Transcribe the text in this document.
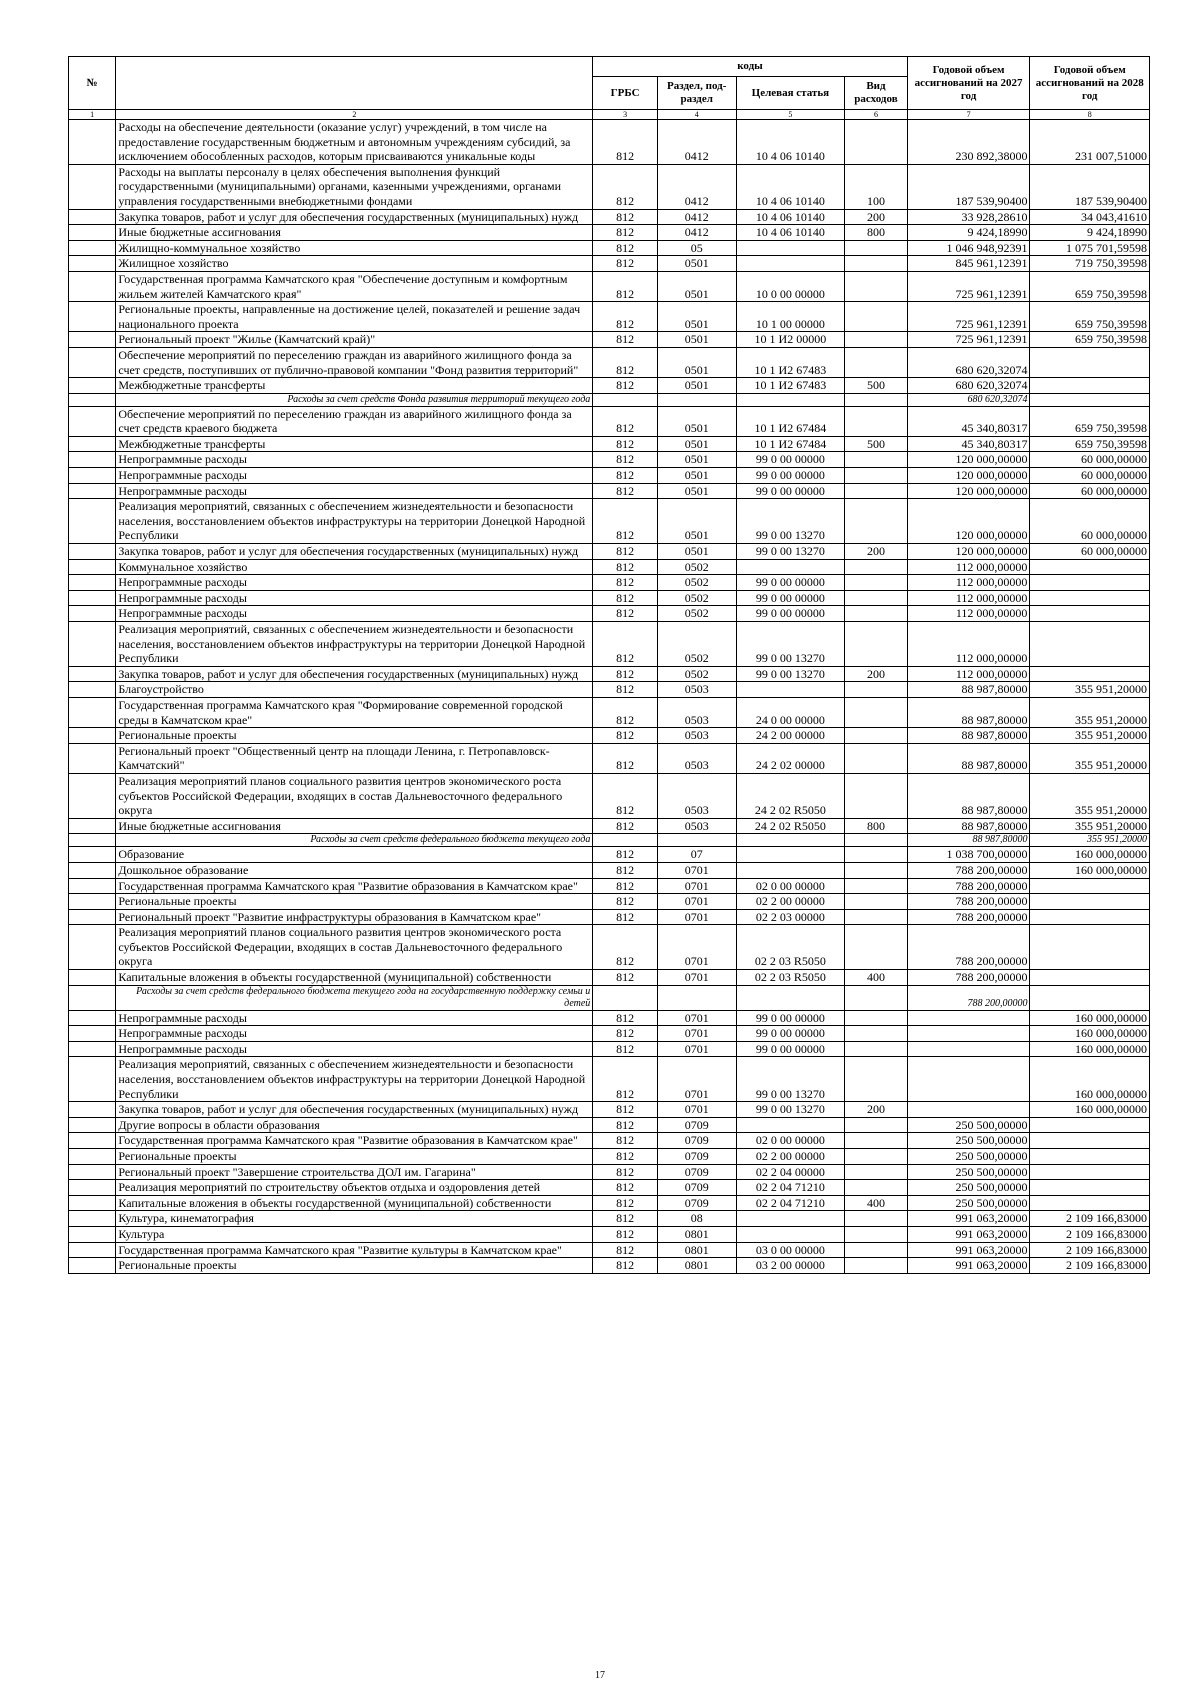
№		коды				Годовой объем ассигнований на 2027 год	Годовой объем ассигнований на 2028 год
		ГРБС	Раздел, под-раздел	Целевая статья	Вид расходов		
1	2	3	4	5	6	7	8
	Расходы на обеспечение деятельности (оказание услуг) учреждений, в том числе на предоставление государственным бюджетным и автономным учреждениям субсидий, за исключением обособленных расходов, которым присваиваются уникальные коды	812	0412	10 4 06 10140		230 892,38000	231 007,51000
	Расходы на выплаты персоналу в целях обеспечения выполнения функций государственными (муниципальными) органами, казенными учреждениями, органами управления государственными внебюджетными фондами	812	0412	10 4 06 10140	100	187 539,90400	187 539,90400
	Закупка товаров, работ и услуг для обеспечения государственных (муниципальных) нужд	812	0412	10 4 06 10140	200	33 928,28610	34 043,41610
	Иные бюджетные ассигнования	812	0412	10 4 06 10140	800	9 424,18990	9 424,18990
	Жилищно-коммунальное хозяйство	812	05			1 046 948,92391	1 075 701,59598
	Жилищное хозяйство	812	0501			845 961,12391	719 750,39598
	Государственная программа Камчатского края "Обеспечение доступным и комфортным жильем жителей Камчатского края"	812	0501	10 0 00 00000		725 961,12391	659 750,39598
	Региональные проекты, направленные на достижение целей, показателей и решение задач национального проекта	812	0501	10 1 00 00000		725 961,12391	659 750,39598
	Региональный проект "Жилье (Камчатский край)"	812	0501	10 1 И2 00000		725 961,12391	659 750,39598
	Обеспечение мероприятий по переселению граждан из аварийного жилищного фонда за счет средств, поступивших от публично-правовой компании "Фонд развития территорий"	812	0501	10 1 И2 67483		680 620,32074	
	Межбюджетные трансферты	812	0501	10 1 И2 67483	500	680 620,32074	
	Расходы за счет средств Фонда развития территорий текущего года					680 620,32074	
	Обеспечение мероприятий по переселению граждан из аварийного жилищного фонда за счет средств краевого бюджета	812	0501	10 1 И2 67484		45 340,80317	659 750,39598
	Межбюджетные трансферты	812	0501	10 1 И2 67484	500	45 340,80317	659 750,39598
	Непрограммные расходы	812	0501	99 0 00 00000		120 000,00000	60 000,00000
	Непрограммные расходы	812	0501	99 0 00 00000		120 000,00000	60 000,00000
	Непрограммные расходы	812	0501	99 0 00 00000		120 000,00000	60 000,00000
	Реализация мероприятий, связанных с обеспечением жизнедеятельности и безопасности населения, восстановлением объектов инфраструктуры на территории Донецкой Народной Республики	812	0501	99 0 00 13270		120 000,00000	60 000,00000
	Закупка товаров, работ и услуг для обеспечения государственных (муниципальных) нужд	812	0501	99 0 00 13270	200	120 000,00000	60 000,00000
	Коммунальное хозяйство	812	0502			112 000,00000	
	Непрограммные расходы	812	0502	99 0 00 00000		112 000,00000	
	Непрограммные расходы	812	0502	99 0 00 00000		112 000,00000	
	Непрограммные расходы	812	0502	99 0 00 00000		112 000,00000	
	Реализация мероприятий, связанных с обеспечением жизнедеятельности и безопасности населения, восстановлением объектов инфраструктуры на территории Донецкой Народной Республики	812	0502	99 0 00 13270		112 000,00000	
	Закупка товаров, работ и услуг для обеспечения государственных (муниципальных) нужд	812	0502	99 0 00 13270	200	112 000,00000	
	Благоустройство	812	0503			88 987,80000	355 951,20000
	Государственная программа Камчатского края "Формирование современной городской среды в Камчатском крае"	812	0503	24 0 00 00000		88 987,80000	355 951,20000
	Региональные проекты	812	0503	24 2 00 00000		88 987,80000	355 951,20000
	Региональный проект "Общественный центр на площади Ленина, г. Петропавловск-Камчатский"	812	0503	24 2 02 00000		88 987,80000	355 951,20000
	Реализация мероприятий планов социального развития центров экономического роста субъектов Российской Федерации, входящих в состав Дальневосточного федерального округа	812	0503	24 2 02 R5050		88 987,80000	355 951,20000
	Иные бюджетные ассигнования	812	0503	24 2 02 R5050	800	88 987,80000	355 951,20000
	Расходы за счет средств федерального бюджета текущего года					88 987,80000	355 951,20000
	Образование	812	07			1 038 700,00000	160 000,00000
	Дошкольное образование	812	0701			788 200,00000	160 000,00000
	Государственная программа Камчатского края "Развитие образования в Камчатском крае"	812	0701	02 0 00 00000		788 200,00000	
	Региональные проекты	812	0701	02 2 00 00000		788 200,00000	
	Региональный проект "Развитие инфраструктуры образования в Камчатском крае"	812	0701	02 2 03 00000		788 200,00000	
	Реализация мероприятий планов социального развития центров экономического роста субъектов Российской Федерации, входящих в состав Дальневосточного федерального округа	812	0701	02 2 03 R5050		788 200,00000	
	Капитальные вложения в объекты государственной (муниципальной) собственности	812	0701	02 2 03 R5050	400	788 200,00000	
	Расходы за счет средств федерального бюджета текущего года на государственную поддержку семьи и детей					788 200,00000	
	Непрограммные расходы	812	0701	99 0 00 00000			160 000,00000
	Непрограммные расходы	812	0701	99 0 00 00000			160 000,00000
	Непрограммные расходы	812	0701	99 0 00 00000			160 000,00000
	Реализация мероприятий, связанных с обеспечением жизнедеятельности и безопасности населения, восстановлением объектов инфраструктуры на территории Донецкой Народной Республики	812	0701	99 0 00 13270			160 000,00000
	Закупка товаров, работ и услуг для обеспечения государственных (муниципальных) нужд	812	0701	99 0 00 13270	200		160 000,00000
	Другие вопросы в области образования	812	0709			250 500,00000	
	Государственная программа Камчатского края "Развитие образования в Камчатском крае"	812	0709	02 0 00 00000		250 500,00000	
	Региональные проекты	812	0709	02 2 00 00000		250 500,00000	
	Региональный проект "Завершение строительства ДОЛ им. Гагарина"	812	0709	02 2 04 00000		250 500,00000	
	Реализация мероприятий по строительству объектов отдыха и оздоровления детей	812	0709	02 2 04 71210		250 500,00000	
	Капитальные вложения в объекты государственной (муниципальной) собственности	812	0709	02 2 04 71210	400	250 500,00000	
	Культура, кинематография	812	08			991 063,20000	2 109 166,83000
	Культура	812	0801			991 063,20000	2 109 166,83000
	Государственная программа Камчатского края "Развитие культуры в Камчатском крае"	812	0801	03 0 00 00000		991 063,20000	2 109 166,83000
	Региональные проекты	812	0801	03 2 00 00000		991 063,20000	2 109 166,83000
17
